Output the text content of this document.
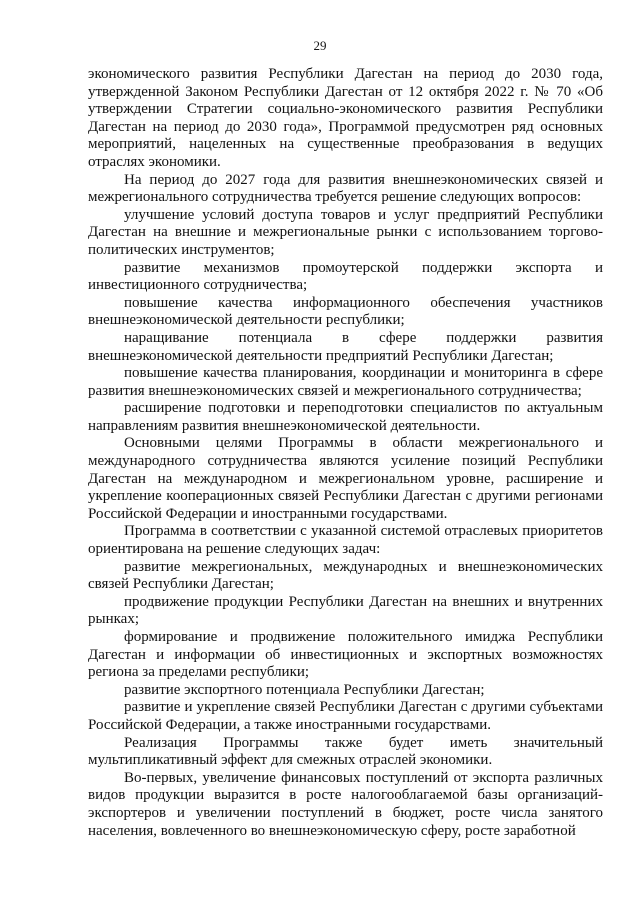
29

экономического развития Республики Дагестан на период до 2030 года, утвержденной Законом Республики Дагестан от 12 октября 2022 г. № 70 «Об утверждении Стратегии социально-экономического развития Республики Дагестан на период до 2030 года», Программой предусмотрен ряд основных мероприятий, нацеленных на существенные преобразования в ведущих отраслях экономики.

На период до 2027 года для развития внешнеэкономических связей и межрегионального сотрудничества требуется решение следующих вопросов:

улучшение условий доступа товаров и услуг предприятий Республики Дагестан на внешние и межрегиональные рынки с использованием торгово-политических инструментов;

развитие механизмов промоутерской поддержки экспорта и инвестиционного сотрудничества;

повышение качества информационного обеспечения участников внешнеэкономической деятельности республики;

наращивание потенциала в сфере поддержки развития внешнеэкономической деятельности предприятий Республики Дагестан;

повышение качества планирования, координации и мониторинга в сфере развития внешнеэкономических связей и межрегионального сотрудничества;

расширение подготовки и переподготовки специалистов по актуальным направлениям развития внешнеэкономической деятельности.

Основными целями Программы в области межрегионального и международного сотрудничества являются усиление позиций Республики Дагестан на международном и межрегиональном уровне, расширение и укрепление кооперационных связей Республики Дагестан с другими регионами Российской Федерации и иностранными государствами.

Программа в соответствии с указанной системой отраслевых приоритетов ориентирована на решение следующих задач:

развитие межрегиональных, международных и внешнеэкономических связей Республики Дагестан;

продвижение продукции Республики Дагестан на внешних и внутренних рынках;

формирование и продвижение положительного имиджа Республики Дагестан и информации об инвестиционных и экспортных возможностях региона за пределами республики;

развитие экспортного потенциала Республики Дагестан;

развитие и укрепление связей Республики Дагестан с другими субъектами Российской Федерации, а также иностранными государствами.

Реализация Программы также будет иметь значительный мультипликативный эффект для смежных отраслей экономики.

Во-первых, увеличение финансовых поступлений от экспорта различных видов продукции выразится в росте налогооблагаемой базы организаций-экспортеров и увеличении поступлений в бюджет, росте числа занятого населения, вовлеченного во внешнеэкономическую сферу, росте заработной
